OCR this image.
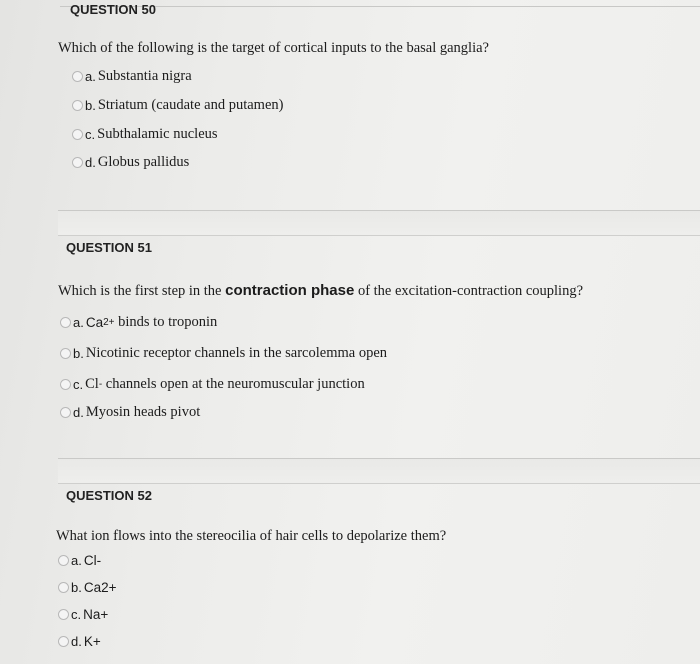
QUESTION 50
Which of the following is the target of cortical inputs to the basal ganglia?
a. Substantia nigra
b. Striatum (caudate and putamen)
c. Subthalamic nucleus
d. Globus pallidus
QUESTION 51
Which is the first step in the contraction phase of the excitation-contraction coupling?
a. Ca 2+ binds to troponin
b. Nicotinic receptor channels in the sarcolemma open
c. Cl - channels open at the neuromuscular junction
d. Myosin heads pivot
QUESTION 52
What ion flows into the stereocilia of hair cells to depolarize them?
a. Cl-
b. Ca2+
c. Na+
d. K+
